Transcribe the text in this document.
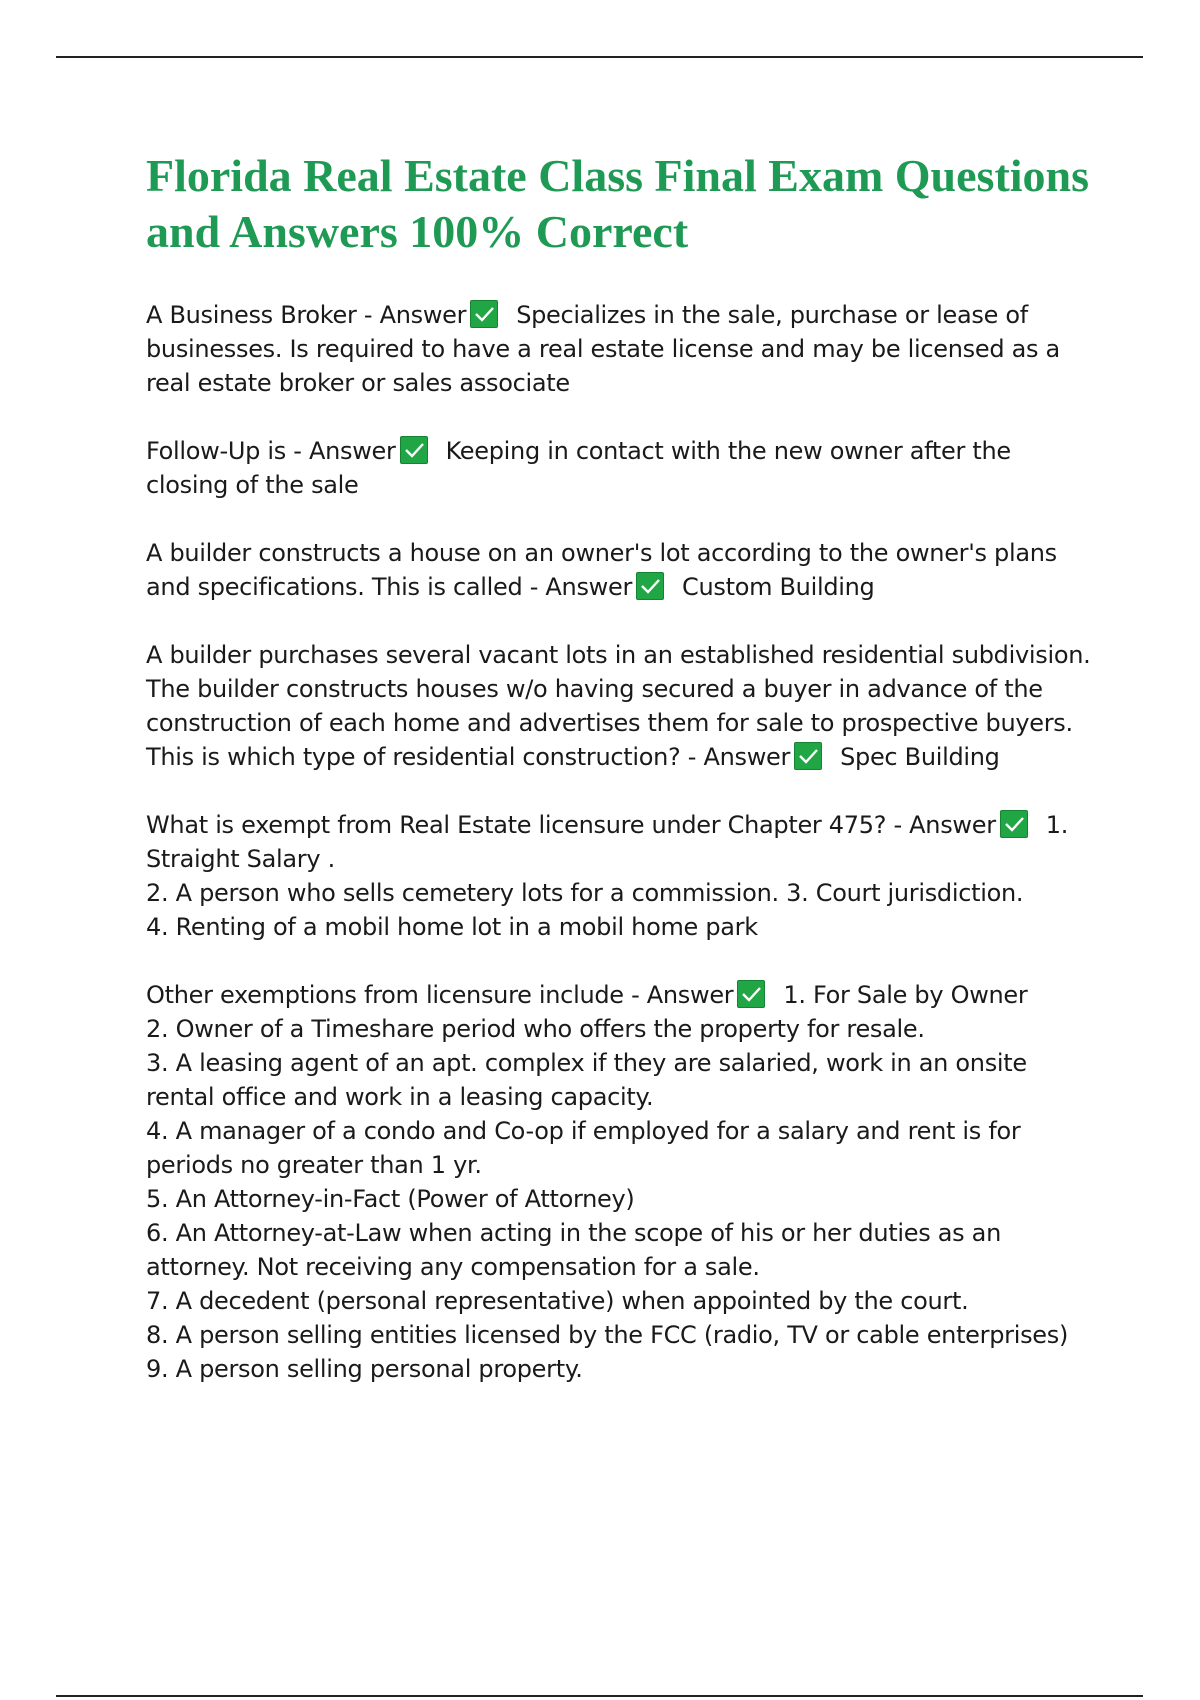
Florida Real Estate Class Final Exam Questions and Answers 100% Correct

A Business Broker - Answer Specializes in the sale, purchase or lease of businesses. Is required to have a real estate license and may be licensed as a real estate broker or sales associate

Follow-Up is - Answer Keeping in contact with the new owner after the closing of the sale

A builder constructs a house on an owner's lot according to the owner's plans and specifications. This is called - Answer Custom Building

A builder purchases several vacant lots in an established residential subdivision. The builder constructs houses w/o having secured a buyer in advance of the construction of each home and advertises them for sale to prospective buyers. This is which type of residential construction? - Answer Spec Building

What is exempt from Real Estate licensure under Chapter 475? - Answer 1. Straight Salary .

2. A person who sells cemetery lots for a commission. 3. Court jurisdiction.

4. Renting of a mobil home lot in a mobil home park

Other exemptions from licensure include - Answer 1. For Sale by Owner

2. Owner of a Timeshare period who offers the property for resale.

3. A leasing agent of an apt. complex if they are salaried, work in an onsite rental office and work in a leasing capacity.

4. A manager of a condo and Co-op if employed for a salary and rent is for periods no greater than 1 yr.

5. An Attorney-in-Fact (Power of Attorney)

6. An Attorney-at-Law when acting in the scope of his or her duties as an attorney. Not receiving any compensation for a sale.

7. A decedent (personal representative) when appointed by the court.

8. A person selling entities licensed by the FCC (radio, TV or cable enterprises)

9. A person selling personal property.
